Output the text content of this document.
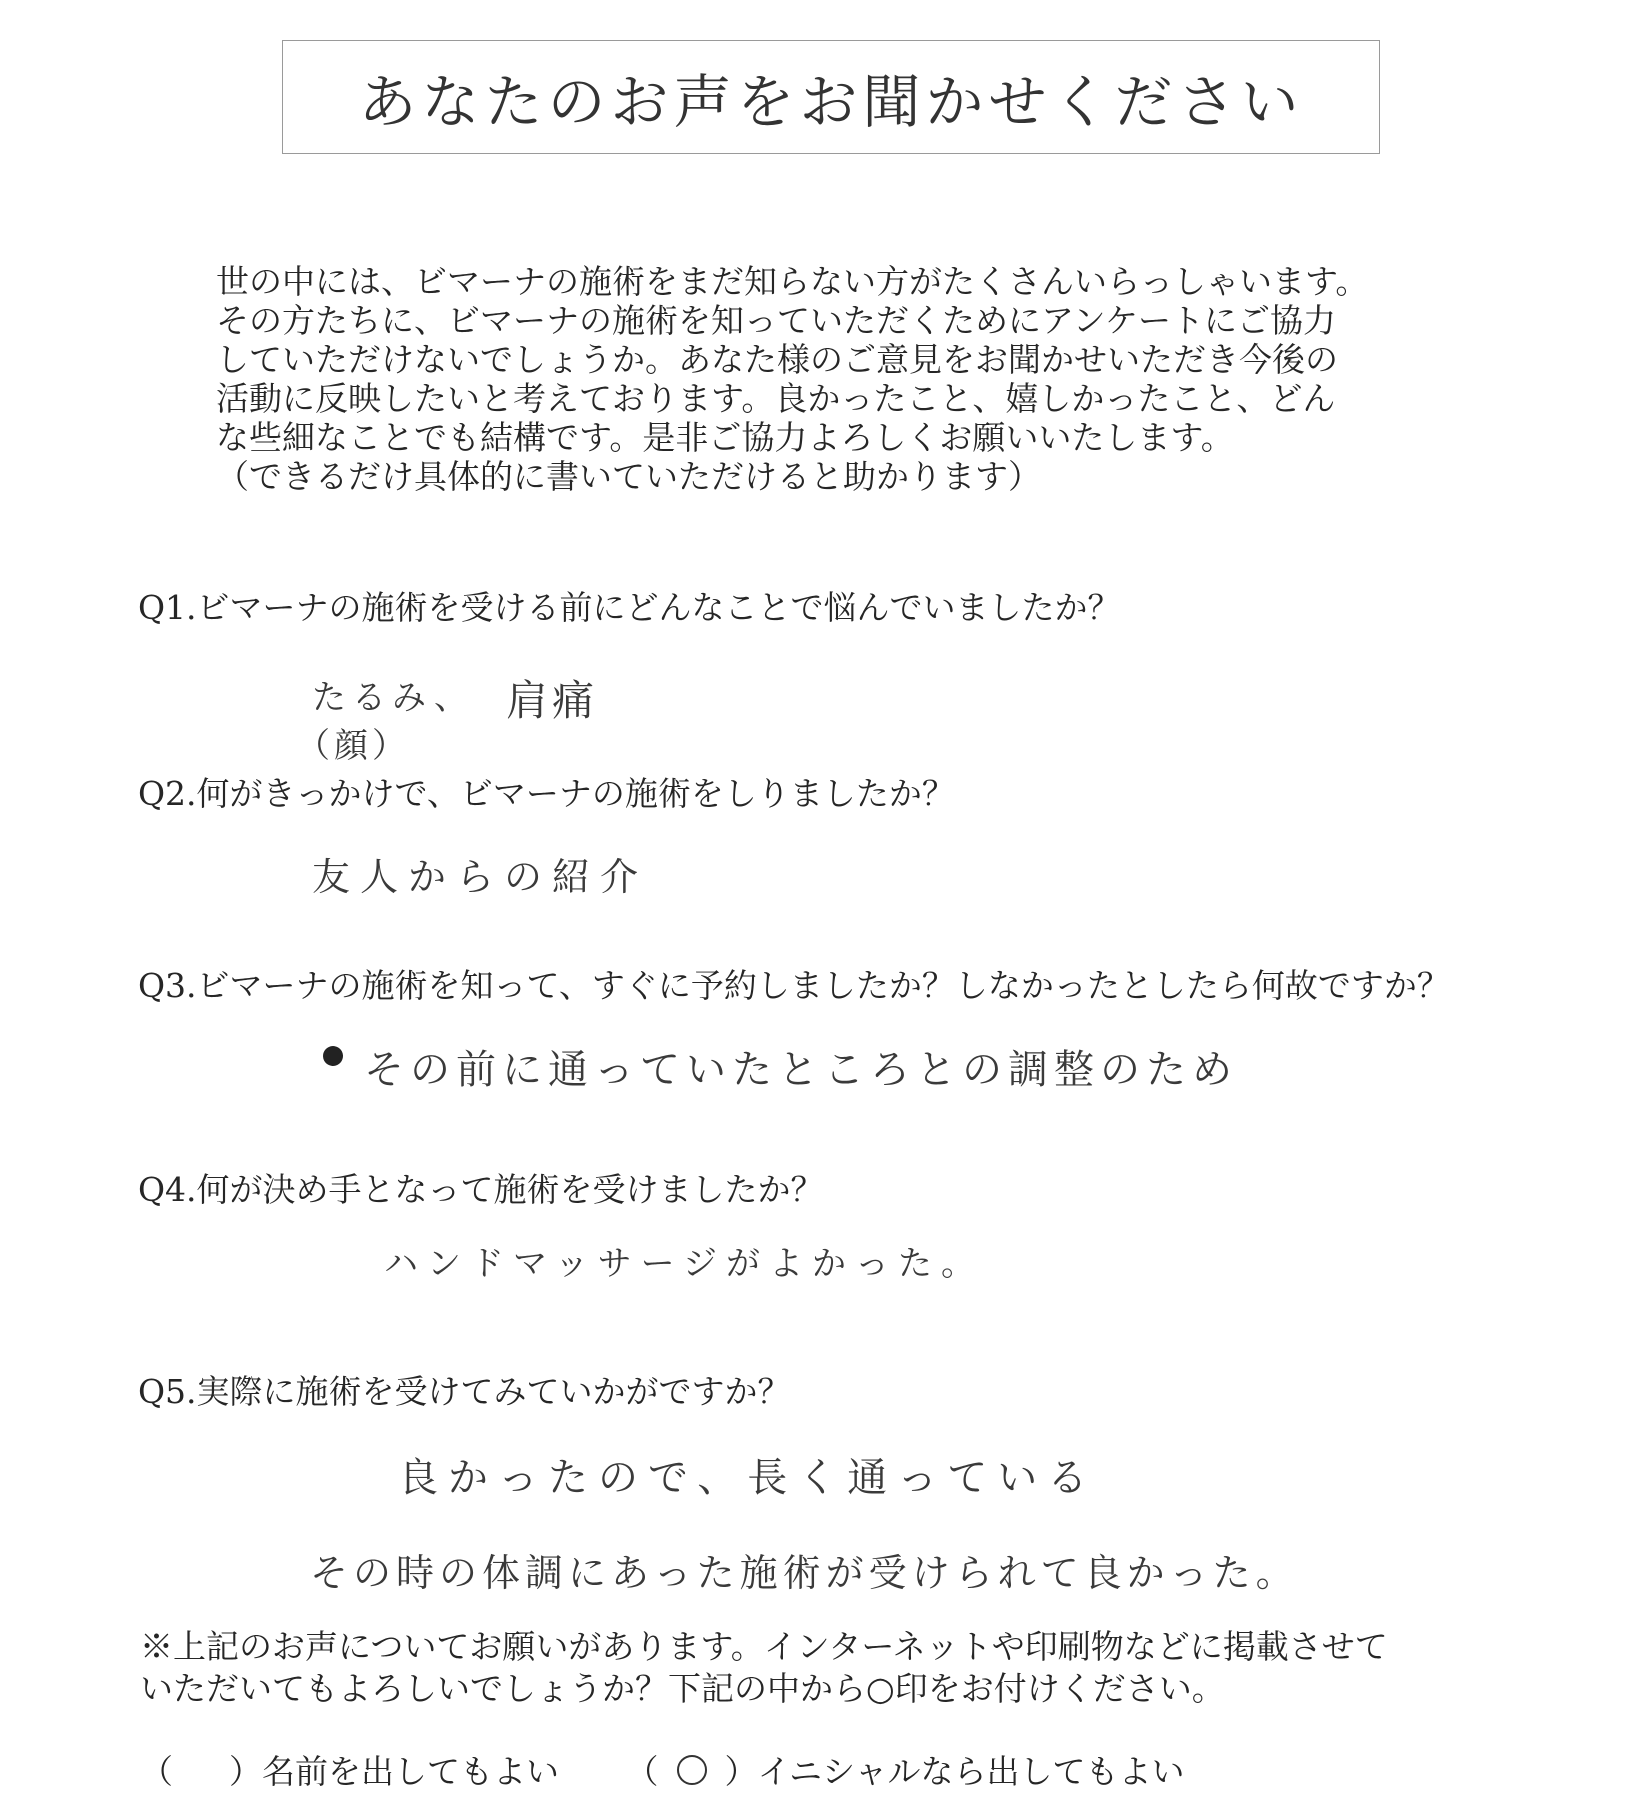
あなたのお声をお聞かせください
世の中には、ビマーナの施術をまだ知らない方がたくさんいらっしゃいます。
その方たちに、ビマーナの施術を知っていただくためにアンケートにご協力
していただけないでしょうか。あなた様のご意見をお聞かせいただき今後の
活動に反映したいと考えております。良かったこと、嬉しかったこと、どん
な些細なことでも結構です。是非ご協力よろしくお願いいたします。
（できるだけ具体的に書いていただけると助かります）
Q1.ビマーナの施術を受ける前にどんなことで悩んでいましたか？
たるみ、
（顔）
肩痛
Q2.何がきっかけで、ビマーナの施術をしりましたか？
友人からの紹介
Q3.ビマーナの施術を知って、すぐに予約しましたか？しなかったとしたら何故ですか？
その前に通っていたところとの調整のため
Q4.何が決め手となって施術を受けましたか？
ハンドマッサージがよかった。
Q5.実際に施術を受けてみていかがですか？
良かったので、長く通っている
その時の体調にあった施術が受けられて良かった。
※上記のお声についてお願いがあります。インターネットや印刷物などに掲載させて
いただいてもよろしいでしょうか？下記の中から○印をお付けください。
（ ）名前を出してもよい （ ○ ）イニシャルなら出してもよい
